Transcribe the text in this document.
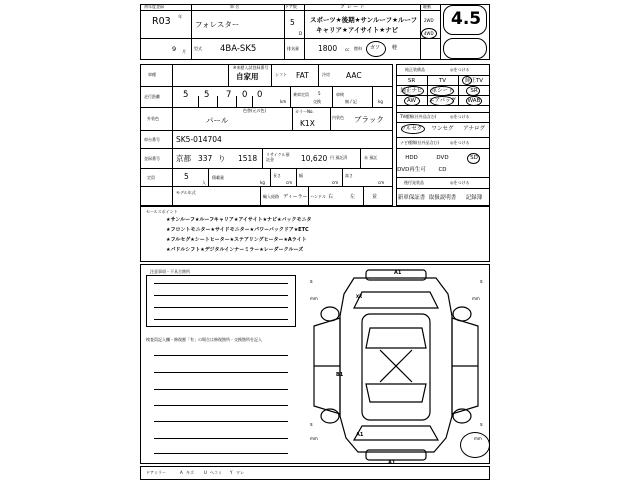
初年度登録
R03 年
9 月
車 名
フォレスター
型式 4BA-SK5
ドア数
5
D
グ レ ー ド
スポーツ★後期★サンルーフ★ルーフ
キャリア★アイサイト★ナビ
排気量	1800 cc 燃料 ガソ 軽
駆動
2WD
4WD
4.5
車種
※来歴入試登録番号
自家用	シフト FAT	冷房 AAC
走行距離	5 5 7 0 0
km
乗車定員 5
交換
車検
無 / 記	kg
外装色
色替(元の色)
パール
カラーNo.
K1X
内装色 ブラック
車台番号 SK5-014704
登録番号 京都 337 り 1518 リサイクル預託金	10,620 円 預託済	未 預託
定員	5
人
積載量
kg
長さ
cm
幅
cm
高さ
cm
モデル年式
輸入経路 ディーラー ハンドル 右	左	並
純正装備品	◎をつける
SR	TV	純正TV
純正ナビ	革シート	SR
AW	エアバッグ	WAB
TV種類(社外品含む)	◎をつける
フルセグ	ワンセグ	アナログ
ナビ種類(社外品含む)	◎をつける
HDD	DVD	SD
DVD再生可	CD
後付発装品	◎をつける
新車保証書 取扱説明書	記録簿
セールスポイント
★サンルーフ★ルーフキャリア★アイサイト★ナビ★バックモニタ
★フロントモニター★サイドモニター★パワーバックドア★ETC
★フルセグ★シートヒーター★ステアリングヒーター★Aライト
★パドルシフト★デジタルインナーミラー★レーダークルーズ
注意事項・不具合箇所
検査員記入欄・修復歴「有」の場合は修復箇所・交換箇所を記入
A1
XX
B1
A1
A1
s
mm
s
mm
s
mm
s
mm
ドアミラー	A キズ	U ヘコミ Y ワレ
